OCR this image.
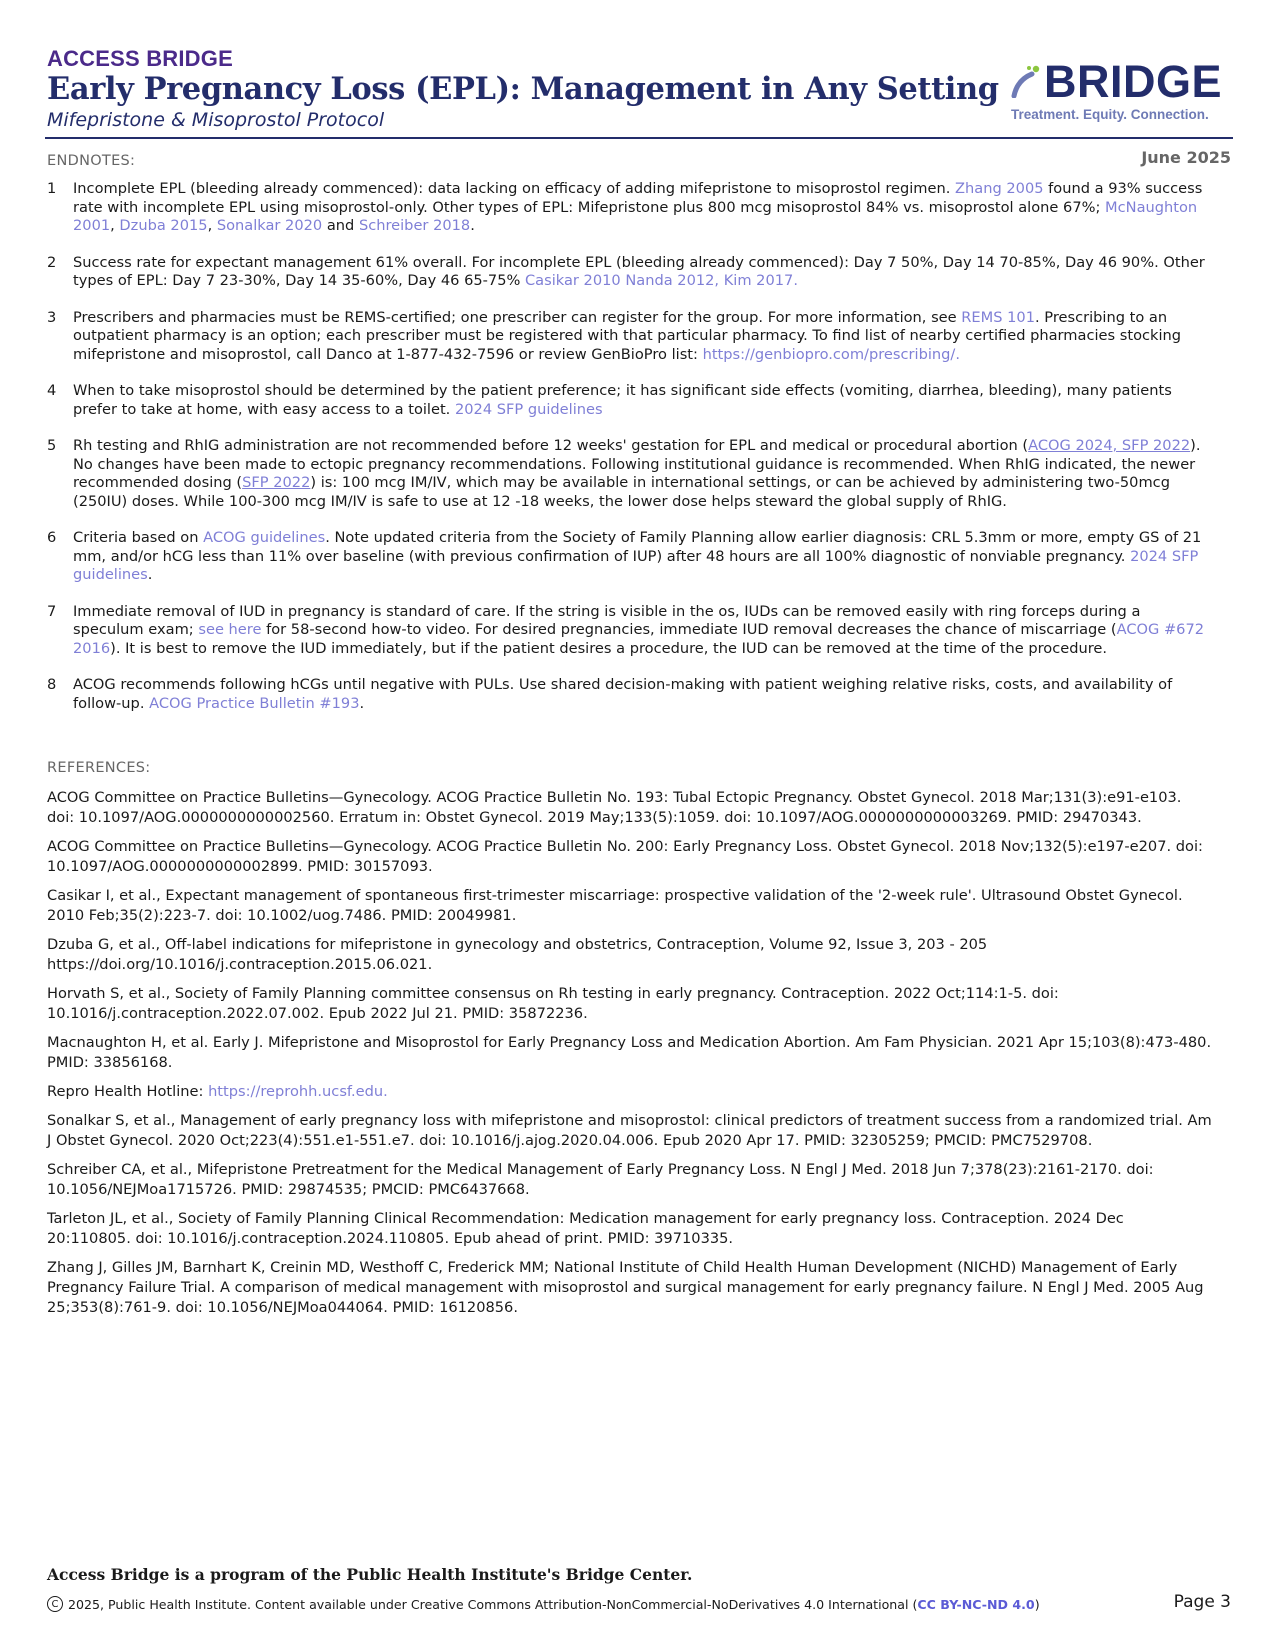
ACCESS BRIDGE
Early Pregnancy Loss (EPL): Management in Any Setting
Mifepristone & Misoprostol Protocol
BRIDGE
Treatment. Equity. Connection.
June 2025
ENDNOTES:
1	Incomplete EPL (bleeding already commenced): data lacking on efficacy of adding mifepristone to misoprostol regimen. Zhang 2005 found a 93% success rate with incomplete EPL using misoprostol-only. Other types of EPL: Mifepristone plus 800 mcg misoprostol 84% vs. misoprostol alone 67%; McNaughton 2001, Dzuba 2015, Sonalkar 2020 and Schreiber 2018.
2	Success rate for expectant management 61% overall. For incomplete EPL (bleeding already commenced): Day 7 50%, Day 14 70-85%, Day 46 90%. Other types of EPL: Day 7 23-30%, Day 14 35-60%, Day 46 65-75% Casikar 2010 Nanda 2012, Kim 2017.
3	Prescribers and pharmacies must be REMS-certified; one prescriber can register for the group. For more information, see REMS 101. Prescribing to an outpatient pharmacy is an option; each prescriber must be registered with that particular pharmacy. To find list of nearby certified pharmacies stocking mifepristone and misoprostol, call Danco at 1-877-432-7596 or review GenBioPro list: https://genbiopro.com/prescribing/.
4	When to take misoprostol should be determined by the patient preference; it has significant side effects (vomiting, diarrhea, bleeding), many patients prefer to take at home, with easy access to a toilet. 2024 SFP guidelines
5	Rh testing and RhIG administration are not recommended before 12 weeks' gestation for EPL and medical or procedural abortion (ACOG 2024, SFP 2022). No changes have been made to ectopic pregnancy recommendations. Following institutional guidance is recommended. When RhIG indicated, the newer recommended dosing (SFP 2022) is: 100 mcg IM/IV, which may be available in international settings, or can be achieved by administering two-50mcg (250IU) doses. While 100-300 mcg IM/IV is safe to use at 12 -18 weeks, the lower dose helps steward the global supply of RhIG.
6	Criteria based on ACOG guidelines. Note updated criteria from the Society of Family Planning allow earlier diagnosis: CRL 5.3mm or more, empty GS of 21 mm, and/or hCG less than 11% over baseline (with previous confirmation of IUP) after 48 hours are all 100% diagnostic of nonviable pregnancy. 2024 SFP guidelines.
7	Immediate removal of IUD in pregnancy is standard of care. If the string is visible in the os, IUDs can be removed easily with ring forceps during a speculum exam; see here for 58-second how-to video. For desired pregnancies, immediate IUD removal decreases the chance of miscarriage (ACOG #672 2016). It is best to remove the IUD immediately, but if the patient desires a procedure, the IUD can be removed at the time of the procedure.
8	ACOG recommends following hCGs until negative with PULs. Use shared decision-making with patient weighing relative risks, costs, and availability of follow-up. ACOG Practice Bulletin #193.
REFERENCES:
ACOG Committee on Practice Bulletins—Gynecology. ACOG Practice Bulletin No. 193: Tubal Ectopic Pregnancy. Obstet Gynecol. 2018 Mar;131(3):e91-e103. doi: 10.1097/AOG.0000000000002560. Erratum in: Obstet Gynecol. 2019 May;133(5):1059. doi: 10.1097/AOG.0000000000003269. PMID: 29470343.
ACOG Committee on Practice Bulletins—Gynecology. ACOG Practice Bulletin No. 200: Early Pregnancy Loss. Obstet Gynecol. 2018 Nov;132(5):e197-e207. doi: 10.1097/AOG.0000000000002899. PMID: 30157093.
Casikar I, et al., Expectant management of spontaneous first-trimester miscarriage: prospective validation of the '2-week rule'. Ultrasound Obstet Gynecol. 2010 Feb;35(2):223-7. doi: 10.1002/uog.7486. PMID: 20049981.
Dzuba G, et al., Off-label indications for mifepristone in gynecology and obstetrics, Contraception, Volume 92, Issue 3, 203 - 205 https://doi.org/10.1016/j.contraception.2015.06.021.
Horvath S, et al., Society of Family Planning committee consensus on Rh testing in early pregnancy. Contraception. 2022 Oct;114:1-5. doi: 10.1016/j.contraception.2022.07.002. Epub 2022 Jul 21. PMID: 35872236.
Macnaughton H, et al. Early J. Mifepristone and Misoprostol for Early Pregnancy Loss and Medication Abortion. Am Fam Physician. 2021 Apr 15;103(8):473-480. PMID: 33856168.
Repro Health Hotline: https://reprohh.ucsf.edu.
Sonalkar S, et al., Management of early pregnancy loss with mifepristone and misoprostol: clinical predictors of treatment success from a randomized trial. Am J Obstet Gynecol. 2020 Oct;223(4):551.e1-551.e7. doi: 10.1016/j.ajog.2020.04.006. Epub 2020 Apr 17. PMID: 32305259; PMCID: PMC7529708.
Schreiber CA, et al., Mifepristone Pretreatment for the Medical Management of Early Pregnancy Loss. N Engl J Med. 2018 Jun 7;378(23):2161-2170. doi: 10.1056/NEJMoa1715726. PMID: 29874535; PMCID: PMC6437668.
Tarleton JL, et al., Society of Family Planning Clinical Recommendation: Medication management for early pregnancy loss. Contraception. 2024 Dec 20:110805. doi: 10.1016/j.contraception.2024.110805. Epub ahead of print. PMID: 39710335.
Zhang J, Gilles JM, Barnhart K, Creinin MD, Westhoff C, Frederick MM; National Institute of Child Health Human Development (NICHD) Management of Early Pregnancy Failure Trial. A comparison of medical management with misoprostol and surgical management for early pregnancy failure. N Engl J Med. 2005 Aug 25;353(8):761-9. doi: 10.1056/NEJMoa044064. PMID: 16120856.
Access Bridge is a program of the Public Health Institute's Bridge Center.
C 2025, Public Health Institute. Content available under Creative Commons Attribution-NonCommercial-NoDerivatives 4.0 International ( CC BY-NC-ND 4.0 )	Page 3
